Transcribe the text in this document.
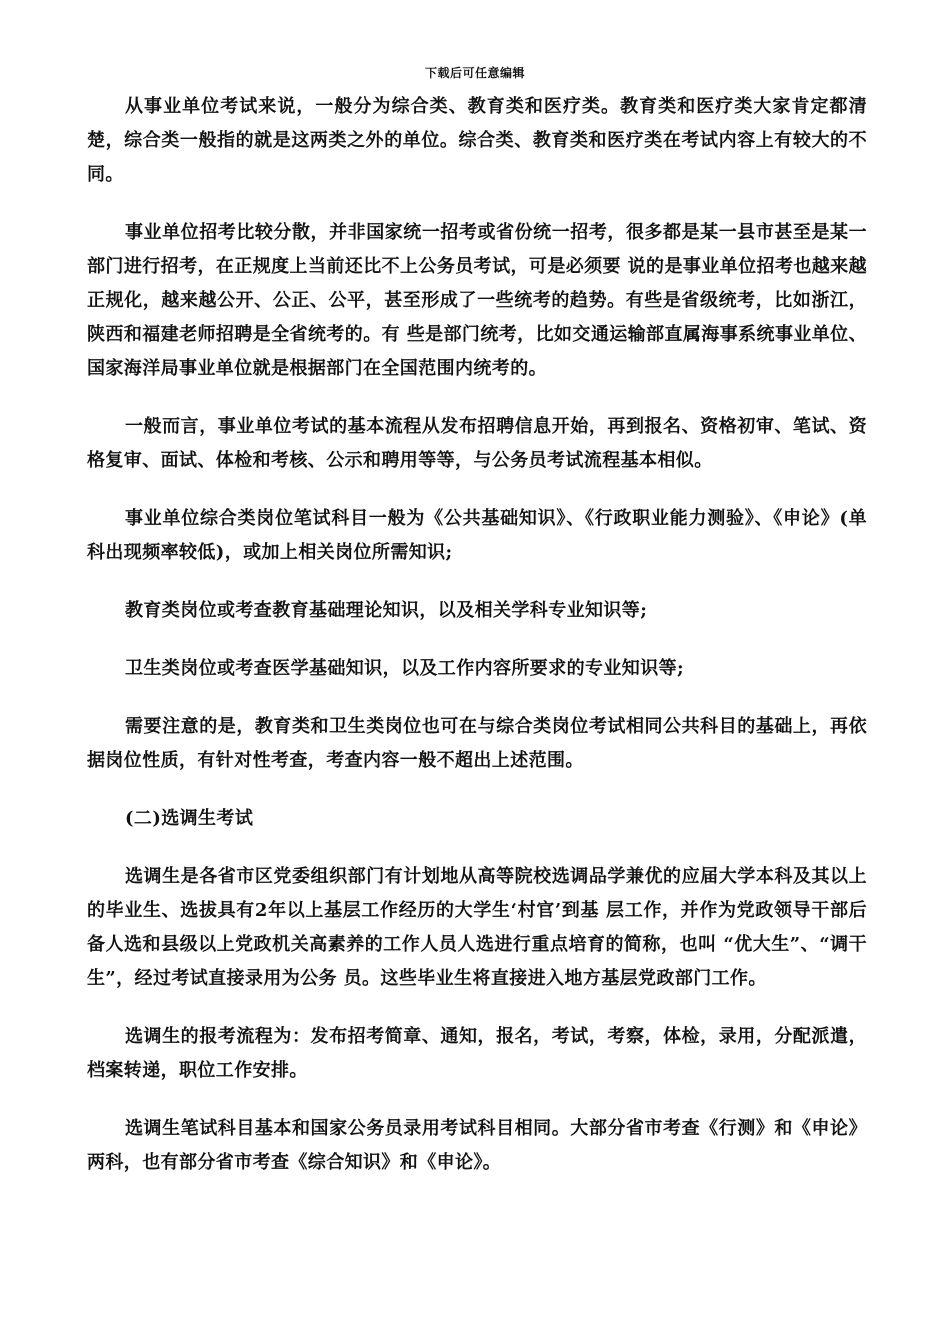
下载后可任意编辑

从事业单位考试来说，一般分为综合类、教育类和医疗类。教育类和医疗类大家肯定都清楚，综合类一般指的就是这两类之外的单位。综合类、教育类和医疗类在考试内容上有较大的不同。

事业单位招考比较分散，并非国家统一招考或省份统一招考，很多都是某一县市甚至是某一部门进行招考，在正规度上当前还比不上公务员考试，可是必须要 说的是事业单位招考也越来越正规化，越来越公开、公正、公平，甚至形成了一些统考的趋势。有些是省级统考，比如浙江，陕西和福建老师招聘是全省统考的。有 些是部门统考，比如交通运输部直属海事系统事业单位、国家海洋局事业单位就是根据部门在全国范围内统考的。

一般而言，事业单位考试的基本流程从发布招聘信息开始，再到报名、资格初审、笔试、资格复审、面试、体检和考核、公示和聘用等等，与公务员考试流程基本相似。

事业单位综合类岗位笔试科目一般为《公共基础知识》、《行政职业能力测验》、《申论》(单科出现频率较低)，或加上相关岗位所需知识;

教育类岗位或考查教育基础理论知识，以及相关学科专业知识等;

卫生类岗位或考查医学基础知识，以及工作内容所要求的专业知识等;

需要注意的是，教育类和卫生类岗位也可在与综合类岗位考试相同公共科目的基础上，再依据岗位性质，有针对性考查，考查内容一般不超出上述范围。

(二)选调生考试

选调生是各省市区党委组织部门有计划地从高等院校选调品学兼优的应届大学本科及其以上的毕业生、选拔具有2年以上基层工作经历的大学生‘村官’到基 层工作，并作为党政领导干部后备人选和县级以上党政机关高素养的工作人员人选进行重点培育的简称，也叫 “优大生”、“调干生”，经过考试直接录用为公务 员。这些毕业生将直接进入地方基层党政部门工作。

选调生的报考流程为：发布招考简章、通知，报名，考试，考察，体检，录用，分配派遣，档案转递，职位工作安排。

选调生笔试科目基本和国家公务员录用考试科目相同。大部分省市考查《行测》和《申论》两科，也有部分省市考查《综合知识》和《申论》。
